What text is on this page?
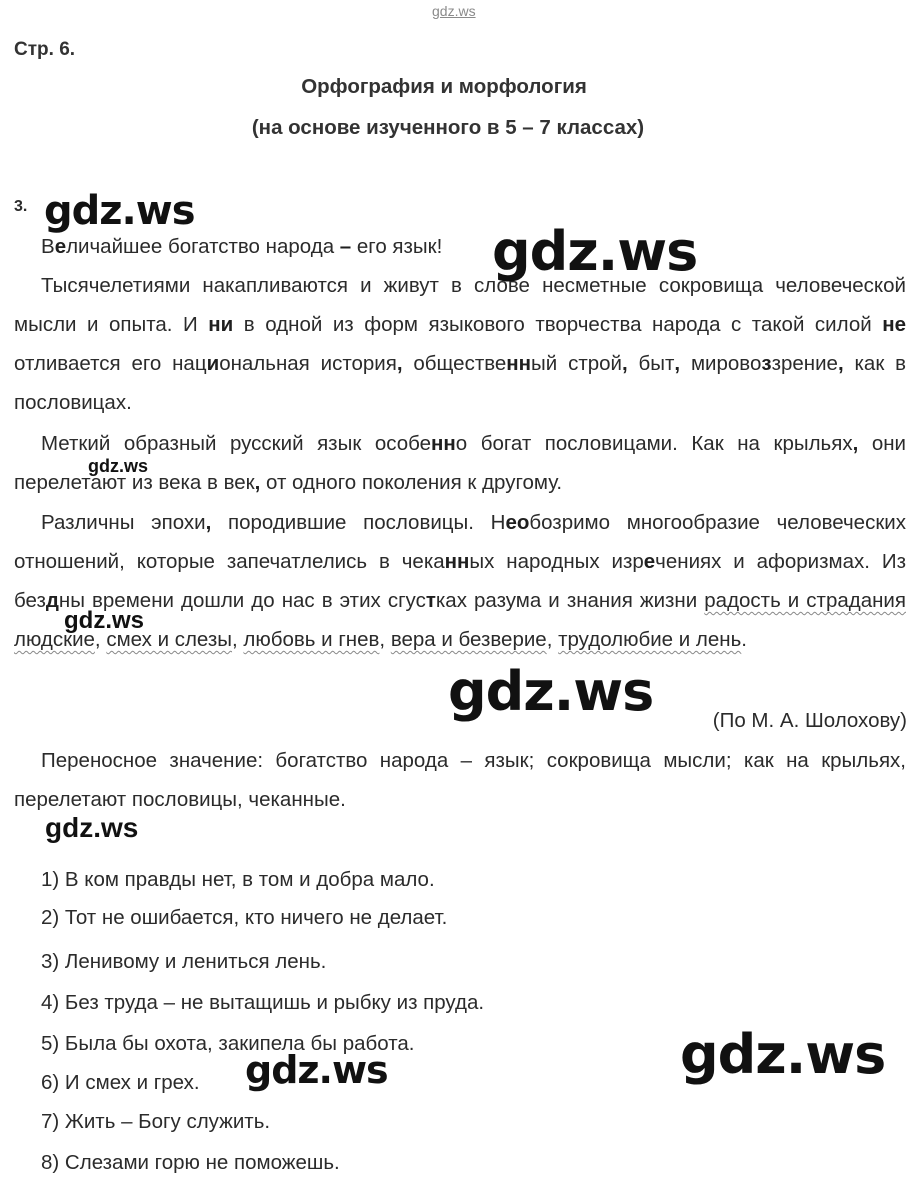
gdz.ws
Стр. 6.
Орфография и морфология
(на основе изученного в 5 – 7 классах)
3.
Величайшее богатство народа – его язык!
Тысячелетиями накапливаются и живут в слове несметные сокровища человеческой мысли и опыта. И ни в одной из форм языкового творчества народа с такой силой не отливается его национальная история, общественный строй, быт, мировоззрение, как в пословицах.
Меткий образный русский язык особенно богат пословицами. Как на крыльях, они перелетают из века в век, от одного поколения к другому.
Различны эпохи, породившие пословицы. Необозримо многообразие человеческих отношений, которые запечатлелись в чеканных народных изречениях и афоризмах. Из бездны времени дошли до нас в этих сгустках разума и знания жизни радость и страдания людские, смех и слезы, любовь и гнев, вера и безверие, трудолюбие и лень.
(По М. А. Шолохову)
Переносное значение: богатство народа – язык; сокровища мысли; как на крыльях, перелетают пословицы, чеканные.
1) В ком правды нет, в том и добра мало.
2) Тот не ошибается, кто ничего не делает.
3) Ленивому и лениться лень.
4) Без труда – не вытащишь и рыбку из пруда.
5) Была бы охота, закипела бы работа.
6) И смех и грех.
7) Жить – Богу служить.
8) Слезами горю не поможешь.
gdz.ws
gdz.ws
gdz.ws
gdz.ws
gdz.ws
gdz.ws
gdz.ws	gdz.ws
